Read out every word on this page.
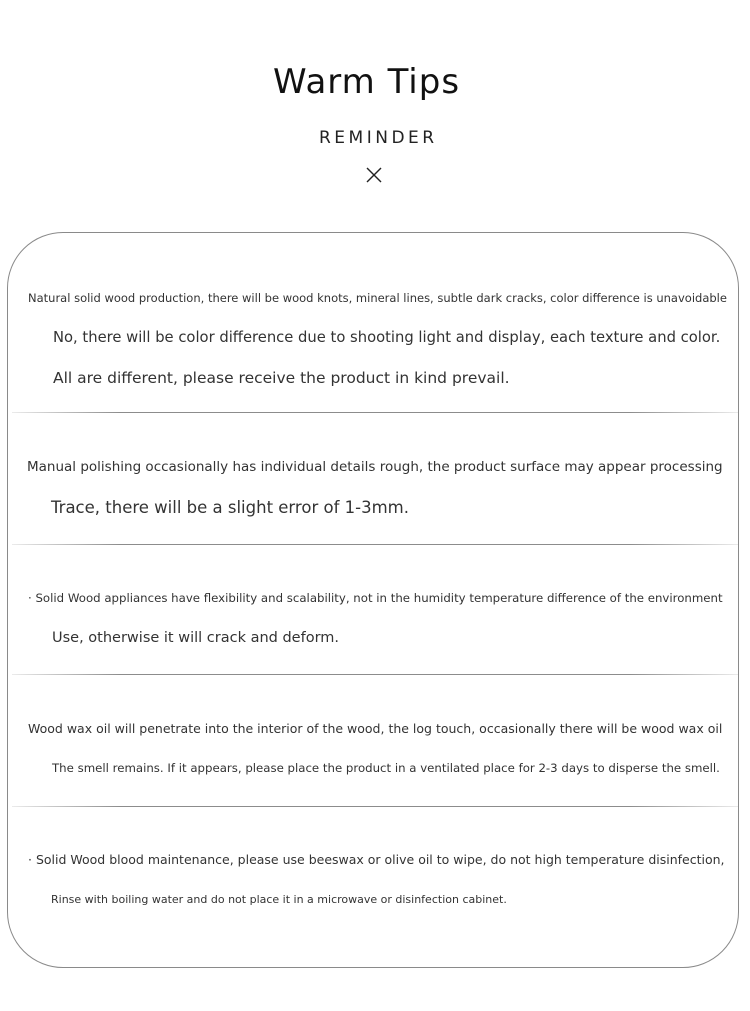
Warm Tips
REMINDER
Natural solid wood production, there will be wood knots, mineral lines, subtle dark cracks, color difference is unavoidable
No, there will be color difference due to shooting light and display, each texture and color.
All are different, please receive the product in kind prevail.
Manual polishing occasionally has individual details rough, the product surface may appear processing
Trace, there will be a slight error of 1-3mm.
· Solid Wood appliances have flexibility and scalability, not in the humidity temperature difference of the environment
Use, otherwise it will crack and deform.
Wood wax oil will penetrate into the interior of the wood, the log touch, occasionally there will be wood wax oil
The smell remains. If it appears, please place the product in a ventilated place for 2-3 days to disperse the smell.
· Solid Wood blood maintenance, please use beeswax or olive oil to wipe, do not high temperature disinfection,
Rinse with boiling water and do not place it in a microwave or disinfection cabinet.
